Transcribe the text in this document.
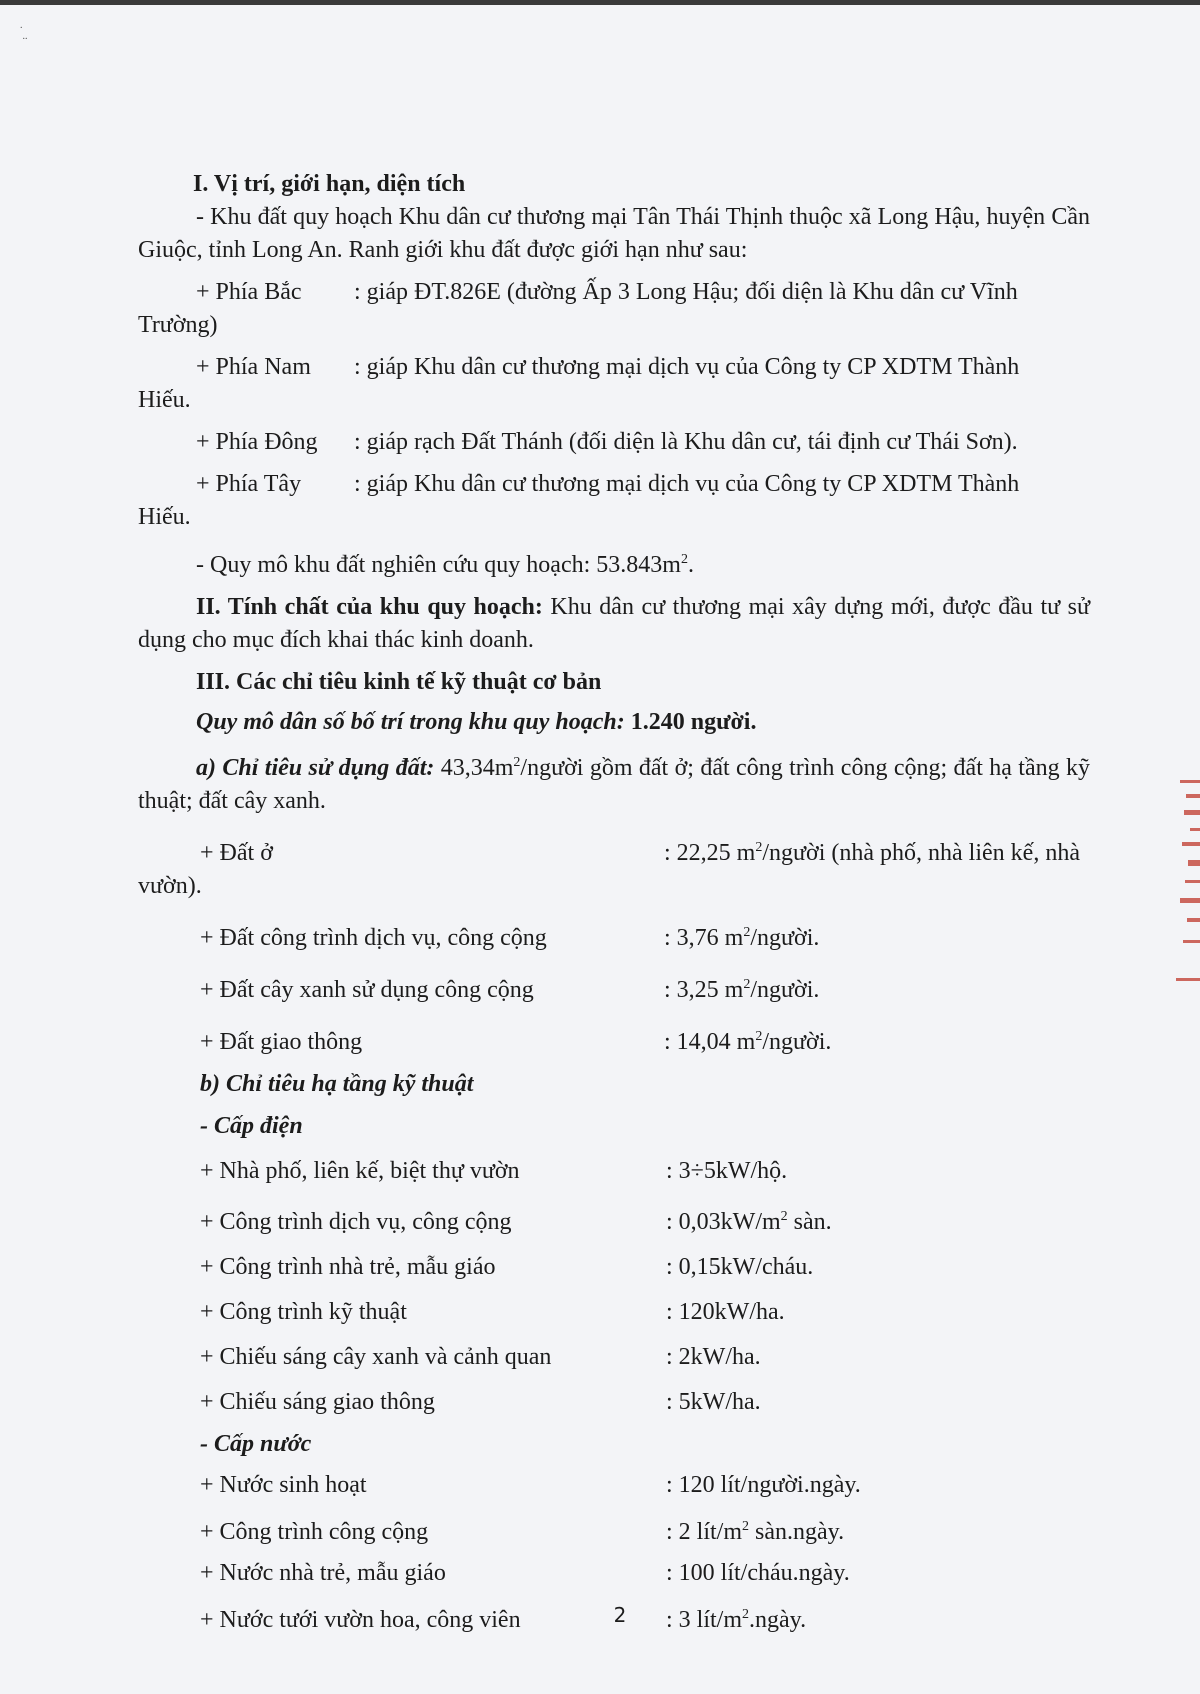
.
..

I. Vị trí, giới hạn, diện tích

- Khu đất quy hoạch Khu dân cư thương mại Tân Thái Thịnh thuộc xã Long Hậu, huyện Cần Giuộc, tỉnh Long An. Ranh giới khu đất được giới hạn như sau:

+ Phía Bắc	: giáp ĐT.826E (đường Ấp 3 Long Hậu; đối diện là Khu dân cư Vĩnh
Trường)
+ Phía Nam	: giáp Khu dân cư thương mại dịch vụ của Công ty CP XDTM Thành
Hiếu.
+ Phía Đông	: giáp rạch Đất Thánh (đối diện là Khu dân cư, tái định cư Thái Sơn).
+ Phía Tây	: giáp Khu dân cư thương mại dịch vụ của Công ty CP XDTM Thành
Hiếu.

- Quy mô khu đất nghiên cứu quy hoạch: $53.843m^2$.

II. Tính chất của khu quy hoạch: Khu dân cư thương mại xây dựng mới, được đầu tư sử dụng cho mục đích khai thác kinh doanh.

III. Các chỉ tiêu kinh tế kỹ thuật cơ bản

Quy mô dân số bố trí trong khu quy hoạch: 1.240 người.

a) Chỉ tiêu sử dụng đất: $43,34m^2$/người gồm đất ở; đất công trình công cộng; đất hạ tầng kỹ thuật; đất cây xanh.

+ Đất ở	: 22,25 $m^2$/người (nhà phố, nhà liên kế, nhà
vườn).
+ Đất công trình dịch vụ, công cộng	: 3,76 $m^2$/người.
+ Đất cây xanh sử dụng công cộng	: 3,25 $m^2$/người.
+ Đất giao thông	: 14,04 $m^2$/người.

b) Chỉ tiêu hạ tầng kỹ thuật

- Cấp điện

+ Nhà phố, liên kế, biệt thự vườn	: 3÷5kW/hộ.
+ Công trình dịch vụ, công cộng	: $0,03kW/m^2$ sàn.
+ Công trình nhà trẻ, mẫu giáo	: 0,15kW/cháu.
+ Công trình kỹ thuật	: 120kW/ha.
+ Chiếu sáng cây xanh và cảnh quan	: 2kW/ha.
+ Chiếu sáng giao thông	: 5kW/ha.

- Cấp nước

+ Nước sinh hoạt	: 120 lít/người.ngày.
+ Công trình công cộng	: 2 lít/$m^2$ sàn.ngày.
+ Nước nhà trẻ, mẫu giáo	: 100 lít/cháu.ngày.
+ Nước tưới vườn hoa, công viên	: 3 lít/$m^2.ngày$.
2
